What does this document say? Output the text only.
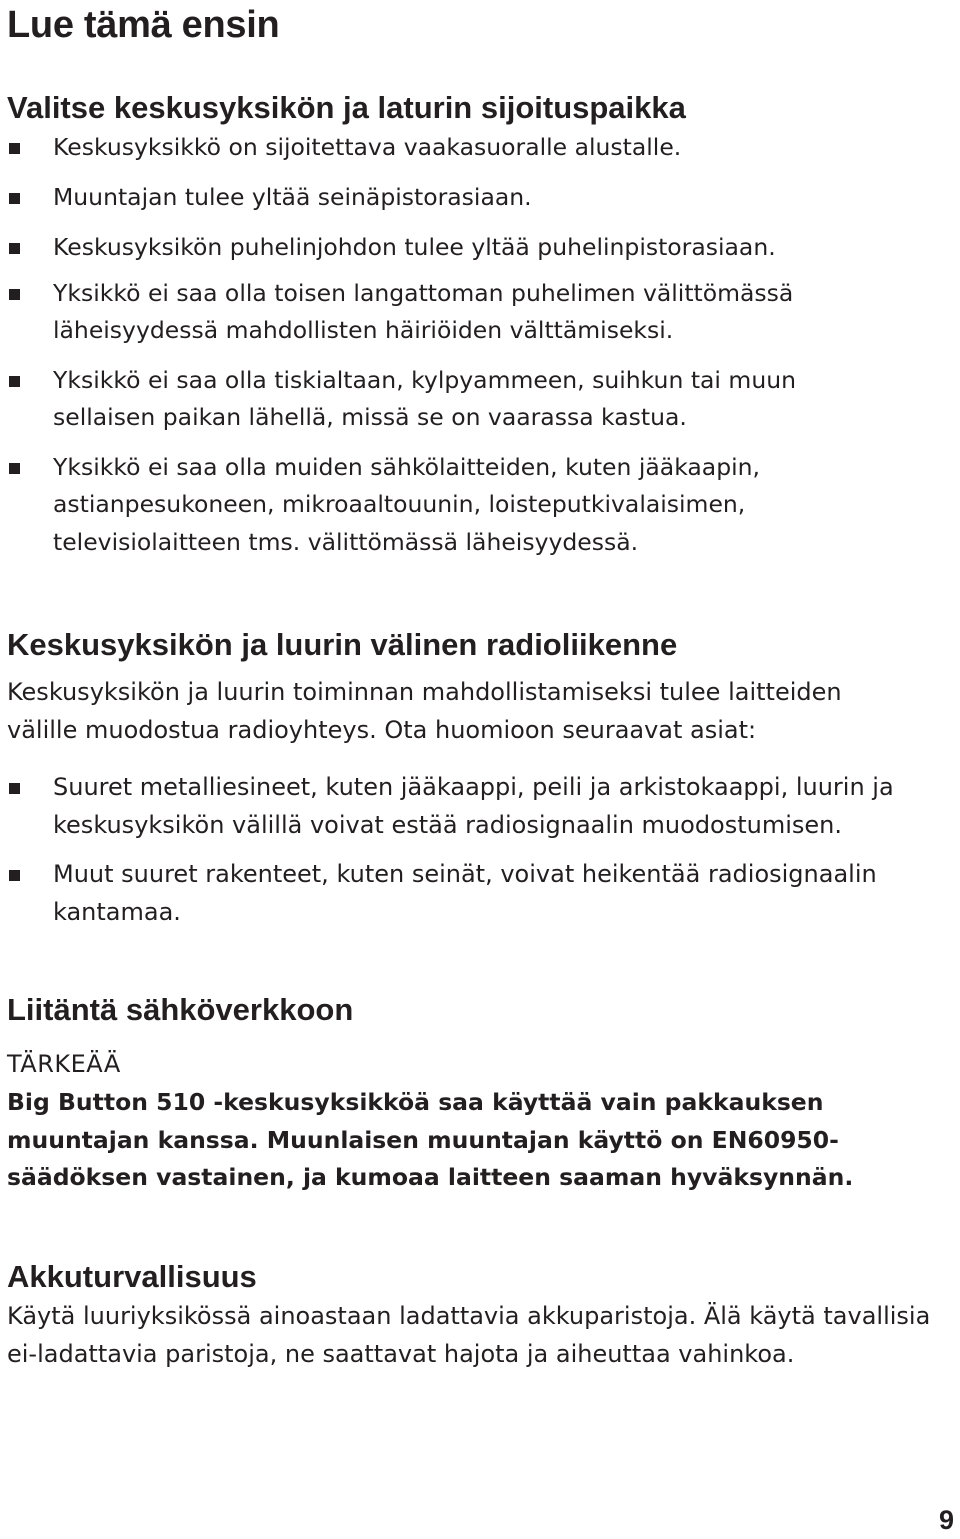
Lue tämä ensin
Valitse keskusyksikön ja laturin sijoituspaikka
Keskusyksikkö on sijoitettava vaakasuoralle alustalle.
Muuntajan tulee yltää seinäpistorasiaan.
Keskusyksikön puhelinjohdon tulee yltää puhelinpistorasiaan.
Yksikkö ei saa olla toisen langattoman puhelimen välittömässä läheisyydessä mahdollisten häiriöiden välttämiseksi.
Yksikkö ei saa olla tiskialtaan, kylpyammeen, suihkun tai muun sellaisen paikan lähellä, missä se on vaarassa kastua.
Yksikkö ei saa olla muiden sähkölaitteiden, kuten jääkaapin, astianpesukoneen, mikroaaltouunin, loisteputkivalaisimen, televisiolaitteen tms. välittömässä läheisyydessä.
Keskusyksikön ja luurin välinen radioliikenne

Keskusyksikön ja luurin toiminnan mahdollistamiseksi tulee laitteiden välille muodostua radioyhteys. Ota huomioon seuraavat asiat:

Suuret metalliesineet, kuten jääkaappi, peili ja arkistokaappi, luurin ja keskusyksikön välillä voivat estää radiosignaalin muodostumisen.
Muut suuret rakenteet, kuten seinät, voivat heikentää radiosignaalin kantamaa.
Liitäntä sähköverkkoon

TÄRKEÄÄ

Big Button 510 -keskusyksikköä saa käyttää vain pakkauksen muuntajan kanssa. Muunlaisen muuntajan käyttö on EN60950-säädöksen vastainen, ja kumoaa laitteen saaman hyväksynnän.

Akkuturvallisuus

Käytä luuriyksikössä ainoastaan ladattavia akkuparistoja. Älä käytä tavallisia ei-ladattavia paristoja, ne saattavat hajota ja aiheuttaa vahinkoa.

9
